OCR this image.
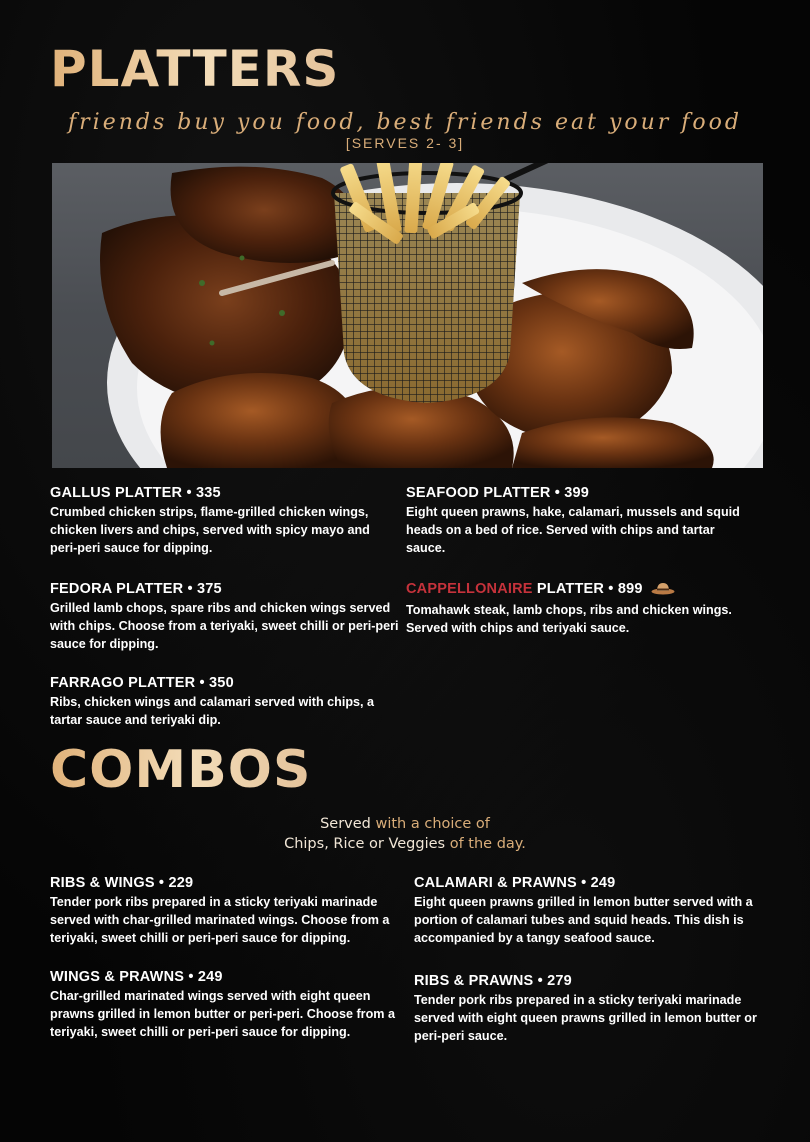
PLATTERS
friends buy you food, best friends eat your food
[SERVES 2- 3]
GALLUS PLATTER • 335
Crumbed chicken strips, flame-grilled chicken wings, chicken livers and chips, served with spicy mayo and peri-peri sauce for dipping.
FEDORA PLATTER • 375
Grilled lamb chops, spare ribs and chicken wings served with chips. Choose from a teriyaki, sweet chilli or peri-peri sauce for dipping.
FARRAGO PLATTER • 350
Ribs, chicken wings and calamari served with chips, a tartar sauce and teriyaki dip.
SEAFOOD PLATTER • 399
Eight queen prawns, hake, calamari, mussels and squid heads on a bed of rice. Served with chips and tartar sauce.
CAPPELLONAIRE PLATTER • 899
Tomahawk steak, lamb chops, ribs and chicken wings. Served with chips and teriyaki sauce.
COMBOS
Served with a choice of
Chips, Rice or Veggies of the day.
RIBS & WINGS • 229
Tender pork ribs prepared in a sticky teriyaki marinade served with char-grilled marinated wings. Choose from a teriyaki, sweet chilli or peri-peri sauce for dipping.
WINGS & PRAWNS • 249
Char-grilled marinated wings served with eight queen prawns grilled in lemon butter or peri-peri. Choose from a teriyaki, sweet chilli or peri-peri sauce for dipping.
CALAMARI & PRAWNS • 249
Eight queen prawns grilled in lemon butter served with a portion of calamari tubes and squid heads. This dish is accompanied by a tangy seafood sauce.
RIBS & PRAWNS • 279
Tender pork ribs prepared in a sticky teriyaki marinade served with eight queen prawns grilled in lemon butter or peri-peri sauce.
